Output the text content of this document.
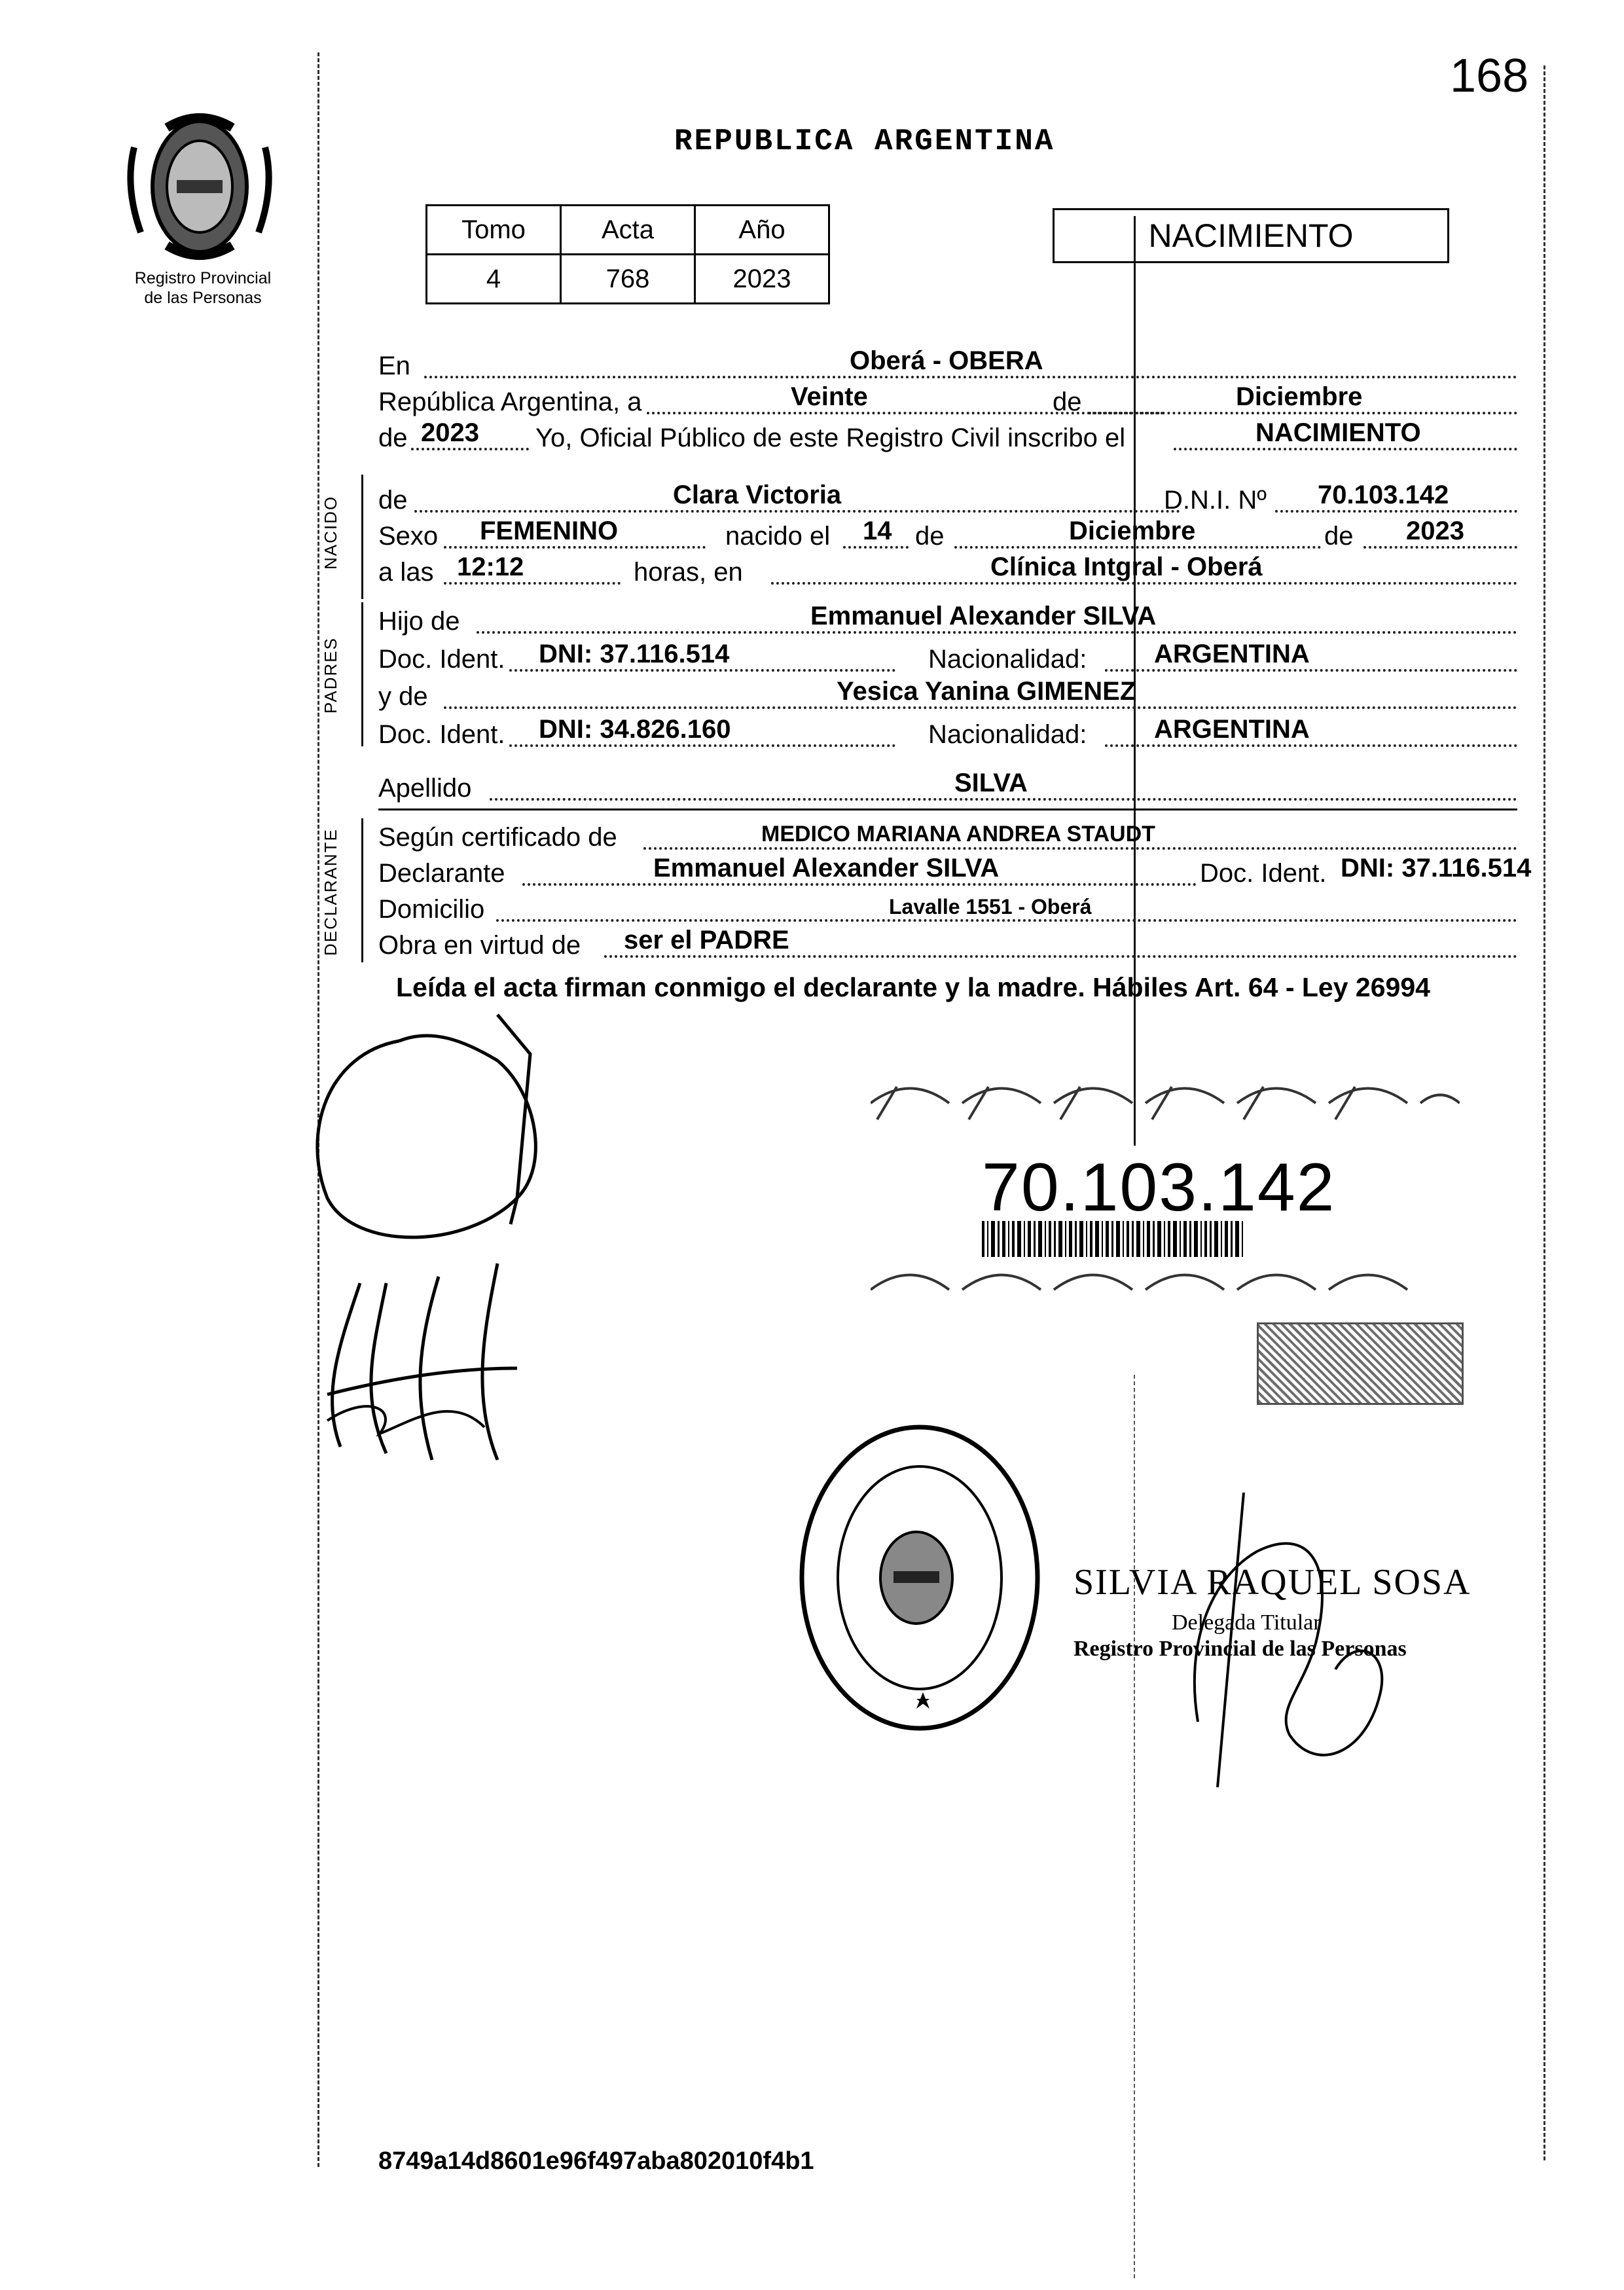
168
Registro Provincial
de las Personas
REPUBLICA ARGENTINA
Tomo	Acta	Año
4	768	2023
NACIMIENTO
En	Oberá - OBERA
República Argentina, a	Veinte	de	Diciembre
de 2023 Yo, Oficial Público de este Registro Civil inscribo el	NACIMIENTO
NACIDO de	Clara Victoria	D.N.I. Nº 70.103.142
Sexo FEMENINO	nacido el 14 de	Diciembre	de 2023
a las 12:12	horas, en	Clínica Intgral - Oberá
PADRES
Hijo de	Emmanuel Alexander SILVA
Doc. Ident. DNI: 37.116.514	Nacionalidad:	ARGENTINA
y de	Yesica Yanina GIMENEZ
Doc. Ident. DNI: 34.826.160	Nacionalidad:	ARGENTINA
Apellido	SILVA
DECLARANTE Según certificado de	MEDICO MARIANA ANDREA STAUDT
Declarante	Emmanuel Alexander SILVA	Doc. Ident. DNI: 37.116.514
Domicilio	Lavalle 1551 - Oberá
Obra en virtud de ser el PADRE
Leída el acta firman conmigo el declarante y la madre. Hábiles Art. 64 - Ley 26994
70.103.142
SILVIA RAQUEL SOSA
Delegada Titular
Registro Provincial de las Personas
8749a14d8601e96f497aba802010f4b1
